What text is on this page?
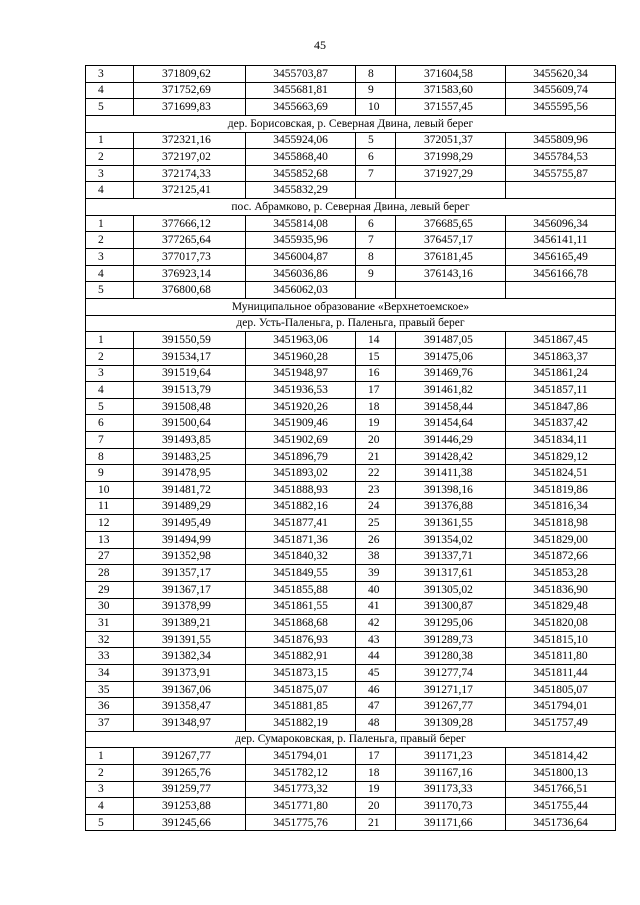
45
3	371809,62	3455703,87	8	371604,58	3455620,34
4	371752,69	3455681,81	9	371583,60	3455609,74
5	371699,83	3455663,69	10	371557,45	3455595,56
дер. Борисовская, р. Северная Двина, левый берег					
1	372321,16	3455924,06	5	372051,37	3455809,96
2	372197,02	3455868,40	6	371998,29	3455784,53
3	372174,33	3455852,68	7	371927,29	3455755,87
4	372125,41	3455832,29			
пос. Абрамково, р. Северная Двина, левый берег					
1	377666,12	3455814,08	6	376685,65	3456096,34
2	377265,64	3455935,96	7	376457,17	3456141,11
3	377017,73	3456004,87	8	376181,45	3456165,49
4	376923,14	3456036,86	9	376143,16	3456166,78
5	376800,68	3456062,03			
Муниципальное образование «Верхнетоемское»					
дер. Усть-Паленьга, р. Паленьга, правый берег					
1	391550,59	3451963,06	14	391487,05	3451867,45
2	391534,17	3451960,28	15	391475,06	3451863,37
3	391519,64	3451948,97	16	391469,76	3451861,24
4	391513,79	3451936,53	17	391461,82	3451857,11
5	391508,48	3451920,26	18	391458,44	3451847,86
6	391500,64	3451909,46	19	391454,64	3451837,42
7	391493,85	3451902,69	20	391446,29	3451834,11
8	391483,25	3451896,79	21	391428,42	3451829,12
9	391478,95	3451893,02	22	391411,38	3451824,51
10	391481,72	3451888,93	23	391398,16	3451819,86
11	391489,29	3451882,16	24	391376,88	3451816,34
12	391495,49	3451877,41	25	391361,55	3451818,98
13	391494,99	3451871,36	26	391354,02	3451829,00
27	391352,98	3451840,32	38	391337,71	3451872,66
28	391357,17	3451849,55	39	391317,61	3451853,28
29	391367,17	3451855,88	40	391305,02	3451836,90
30	391378,99	3451861,55	41	391300,87	3451829,48
31	391389,21	3451868,68	42	391295,06	3451820,08
32	391391,55	3451876,93	43	391289,73	3451815,10
33	391382,34	3451882,91	44	391280,38	3451811,80
34	391373,91	3451873,15	45	391277,74	3451811,44
35	391367,06	3451875,07	46	391271,17	3451805,07
36	391358,47	3451881,85	47	391267,77	3451794,01
37	391348,97	3451882,19	48	391309,28	3451757,49
дер. Сумароковская, р. Паленьга, правый берег					
1	391267,77	3451794,01	17	391171,23	3451814,42
2	391265,76	3451782,12	18	391167,16	3451800,13
3	391259,77	3451773,32	19	391173,33	3451766,51
4	391253,88	3451771,80	20	391170,73	3451755,44
5	391245,66	3451775,76	21	391171,66	3451736,64
